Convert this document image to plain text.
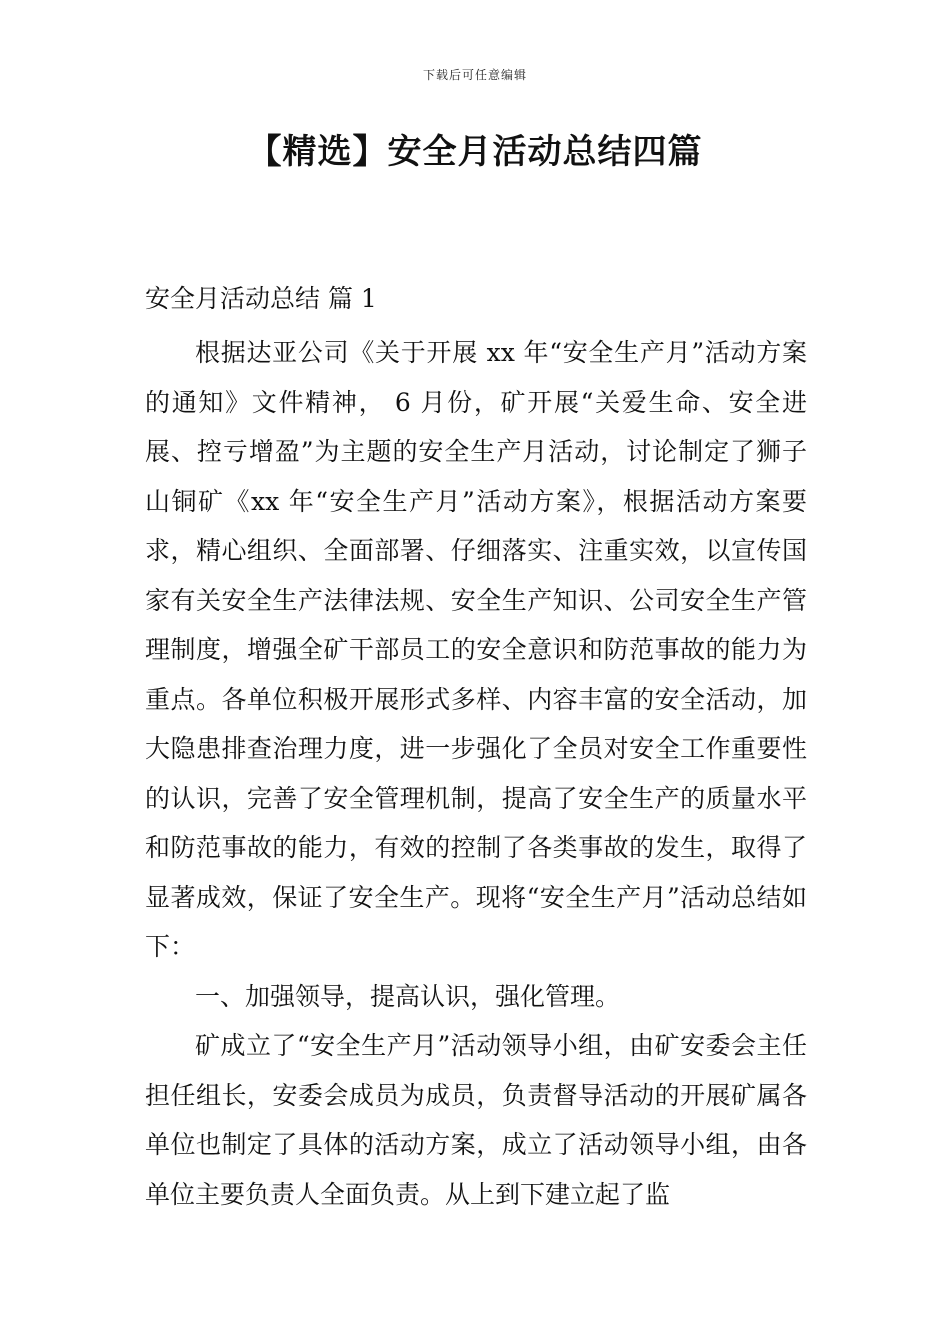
下载后可任意编辑
【精选】安全月活动总结四篇
安全月活动总结 篇 1

根据达亚公司《关于开展 xx 年“安全生产月”活动方案的通知》文件精神， 6 月份，矿开展“关爱生命、安全进展、控亏增盈”为主题的安全生产月活动，讨论制定了狮子山铜矿《xx 年“安全生产月”活动方案》，根据活动方案要求，精心组织、全面部署、仔细落实、注重实效，以宣传国家有关安全生产法律法规、安全生产知识、公司安全生产管理制度，增强全矿干部员工的安全意识和防范事故的能力为重点。各单位积极开展形式多样、内容丰富的安全活动，加大隐患排查治理力度，进一步强化了全员对安全工作重要性的认识，完善了安全管理机制，提高了安全生产的质量水平和防范事故的能力，有效的控制了各类事故的发生，取得了显著成效，保证了安全生产。现将“安全生产月”活动总结如下：

一、加强领导，提高认识，强化管理。

矿成立了“安全生产月”活动领导小组，由矿安委会主任担任组长，安委会成员为成员，负责督导活动的开展矿属各单位也制定了具体的活动方案，成立了活动领导小组，由各单位主要负责人全面负责。从上到下建立起了监
